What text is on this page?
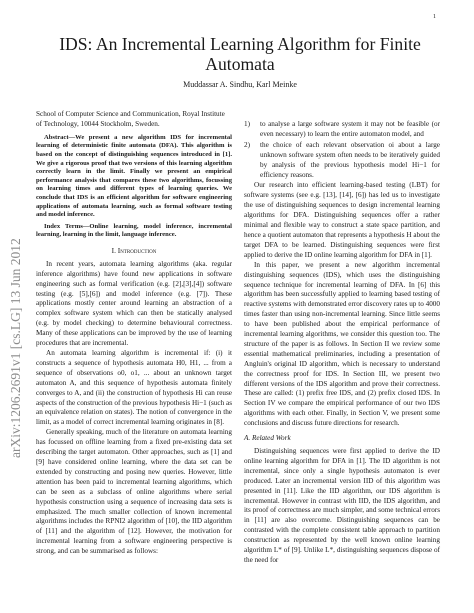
1
arXiv:1206.2691v1 [cs.LG] 13 Jun 2012
IDS: An Incremental Learning Algorithm for Finite Automata
Muddassar A. Sindhu, Karl Meinke

School of Computer Science and Communication, Royal Institute of Technology, 10044 Stockholm, Sweden.

Abstract—We present a new algorithm IDS for incremental learning of deterministic finite automata (DFA). This algorithm is based on the concept of distinguishing sequences introduced in [1]. We give a rigorous proof that two versions of this learning algorithm correctly learn in the limit. Finally we present an empirical performance analysis that compares these two algorithms, focussing on learning times and different types of learning queries. We conclude that IDS is an efficient algorithm for software engineering applications of automata learning, such as formal software testing and model inference.

Index Terms—Online learning, model inference, incremental learning, learning in the limit, language inference.

I. Introduction

In recent years, automata learning algorithms (aka. regular inference algorithms) have found new applications in software engineering such as formal verification (e.g. [2],[3],[4]) software testing (e.g. [5],[6]) and model inference (e.g. [7]). These applications mostly center around learning an abstraction of a complex software system which can then be statically analysed (e.g. by model checking) to determine behavioural correctness. Many of these applications can be improved by the use of learning procedures that are incremental.

An automata learning algorithm is incremental if: (i) it constructs a sequence of hypothesis automata H0, H1, ... from a sequence of observations o0, o1, ... about an unknown target automaton A, and this sequence of hypothesis automata finitely converges to A, and (ii) the construction of hypothesis Hi can reuse aspects of the construction of the previous hypothesis Hi−1 (such as an equivalence relation on states). The notion of convergence in the limit, as a model of correct incremental learning originates in [8].

Generally speaking, much of the literature on automata learning has focussed on offline learning from a fixed pre-existing data set describing the target automaton. Other approaches, such as [1] and [9] have considered online learning, where the data set can be extended by constructing and posing new queries. However, little attention has been paid to incremental learning algorithms, which can be seen as a subclass of online algorithms where serial hypothesis construction using a sequence of increasing data sets is emphasized. The much smaller collection of known incremental algorithms includes the RPNI2 algorithm of [10], the IID algorithm of [11] and the algorithm of [12]. However, the motivation for incremental learning from a software engineering perspective is strong, and can be summarised as follows:

1)	to analyse a large software system it may not be feasible (or even necessary) to learn the entire automaton model, and

2)	the choice of each relevant observation oi about a large unknown software system often needs to be iteratively guided by analysis of the previous hypothesis model Hi−1 for efficiency reasons.

Our research into efficient learning-based testing (LBT) for software systems (see e.g. [13], [14], [6]) has led us to investigate the use of distinguishing sequences to design incremental learning algorithms for DFA. Distinguishing sequences offer a rather minimal and flexible way to construct a state space partition, and hence a quotient automaton that represents a hypothesis H about the target DFA to be learned. Distinguishing sequences were first applied to derive the ID online learning algorithm for DFA in [1].

In this paper, we present a new algorithm incremental distinguishing sequences (IDS), which uses the distinguishing sequence technique for incremental learning of DFA. In [6] this algorithm has been successfully applied to learning based testing of reactive systems with demonstrated error discovery rates up to 4000 times faster than using non-incremental learning. Since little seems to have been published about the empirical performance of incremental learning algorithms, we consider this question too. The structure of the paper is as follows. In Section II we review some essential mathematical preliminaries, including a presentation of Angluin's original ID algorithm, which is necessary to understand the correctness proof for IDS. In Section III, we present two different versions of the IDS algorithm and prove their correctness. These are called: (1) prefix free IDS, and (2) prefix closed IDS. In Section IV we compare the empirical performance of our two IDS algorithms with each other. Finally, in Section V, we present some conclusions and discuss future directions for research.

A. Related Work

Distinguishing sequences were first applied to derive the ID online learning algorithm for DFA in [1]. The ID algorithm is not incremental, since only a single hypothesis automaton is ever produced. Later an incremental version IID of this algorithm was presented in [11]. Like the IID algorithm, our IDS algorithm is incremental. However in contrast with IID, the IDS algorithm, and its proof of correctness are much simpler, and some technical errors in [11] are also overcome. Distinguishing sequences can be contrasted with the complete consistent table approach to partition construction as represented by the well known online learning algorithm L* of [9]. Unlike L*, distinguishing sequences dispose of the need for
